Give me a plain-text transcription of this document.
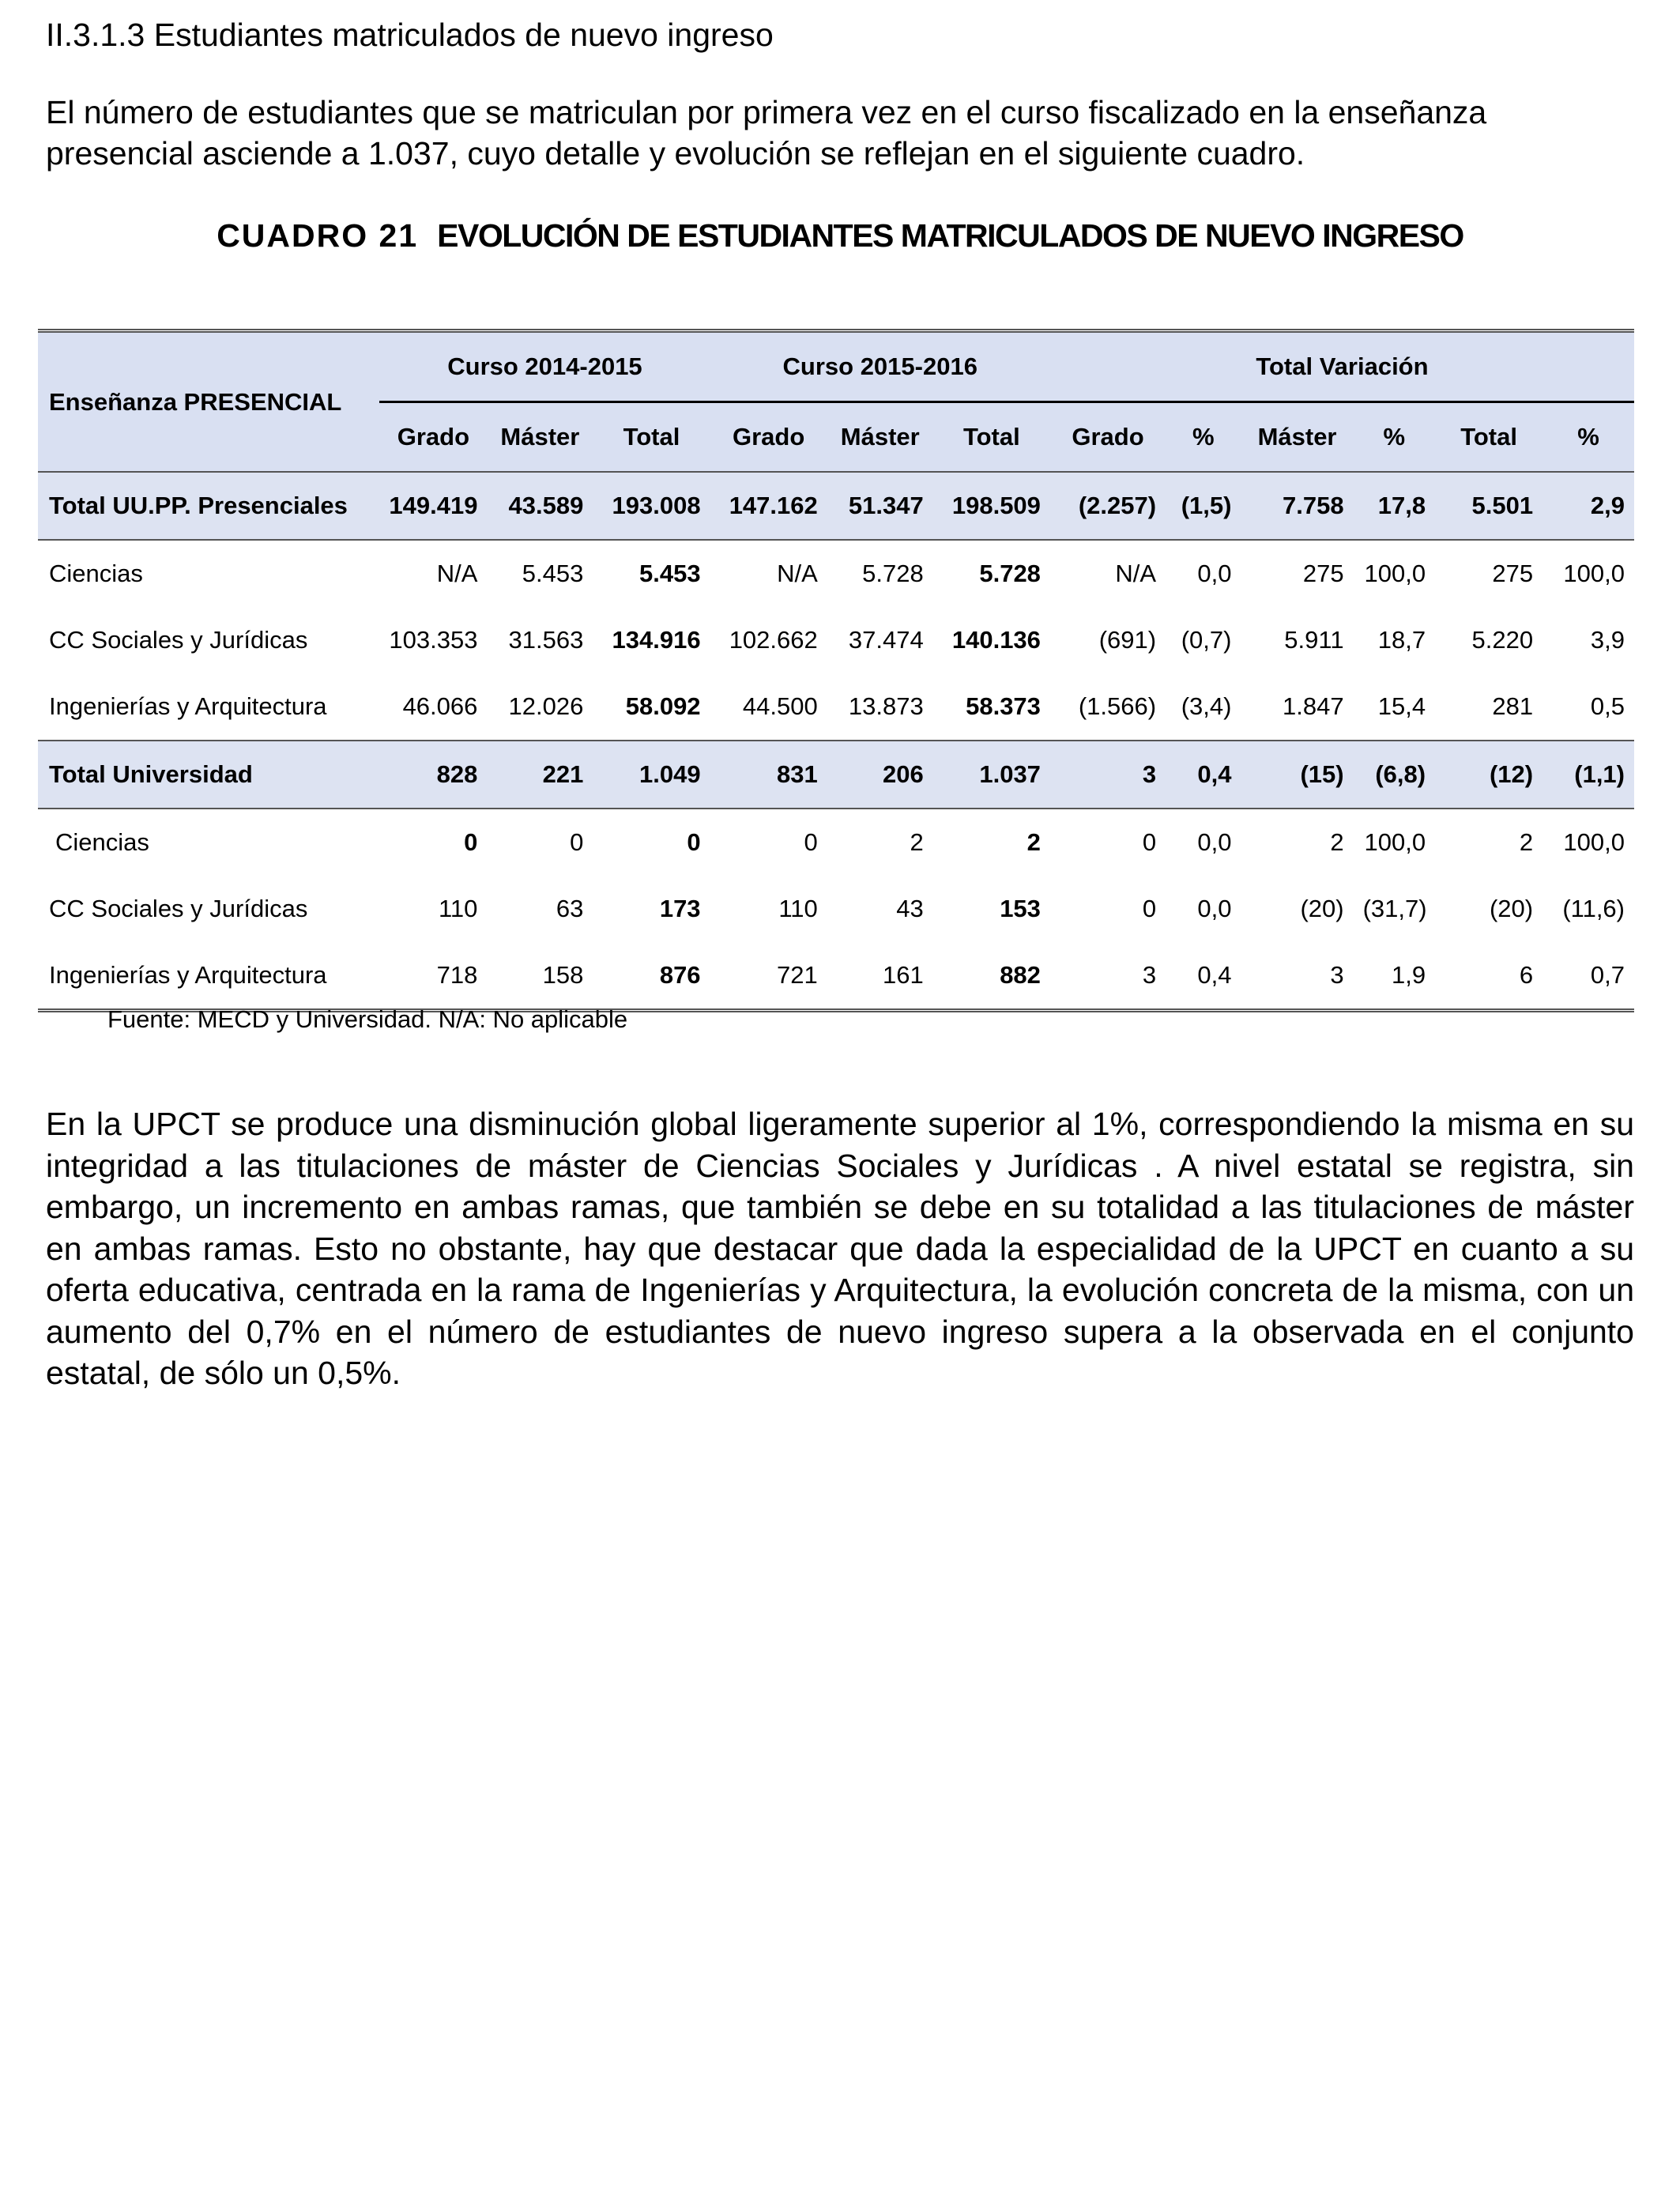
II.3.1.3 Estudiantes matriculados de nuevo ingreso

El número de estudiantes que se matriculan por primera vez en el curso fiscalizado en la enseñanza presencial asciende a 1.037, cuyo detalle y evolución se reflejan en el siguiente cuadro.

CUADRO 21 EVOLUCIÓN DE ESTUDIANTES MATRICULADOS DE NUEVO INGRESO
Enseñanza PRESENCIAL	Curso 2014-2015			Curso 2015-2016			Total Variación					
	Grado	Máster	Total	Grado	Máster	Total	Grado	%	Máster	%	Total	%
Total UU.PP. Presenciales	149.419	43.589	193.008	147.162	51.347	198.509	(2.257)	(1,5)	7.758	17,8	5.501	2,9
Ciencias	N/A	5.453	5.453	N/A	5.728	5.728	N/A	0,0	275	100,0	275	100,0
CC Sociales y Jurídicas	103.353	31.563	134.916	102.662	37.474	140.136	(691)	(0,7)	5.911	18,7	5.220	3,9
Ingenierías y Arquitectura	46.066	12.026	58.092	44.500	13.873	58.373	(1.566)	(3,4)	1.847	15,4	281	0,5
Total Universidad	828	221	1.049	831	206	1.037	3	0,4	(15)	(6,8)	(12)	(1,1)
Ciencias	0	0	0	0	2	2	0	0,0	2	100,0	2	100,0
CC Sociales y Jurídicas	110	63	173	110	43	153	0	0,0	(20)	(31,7)	(20)	(11,6)
Ingenierías y Arquitectura	718	158	876	721	161	882	3	0,4	3	1,9	6	0,7
Fuente: MECD y Universidad. N/A: No aplicable

En la UPCT se produce una disminución global ligeramente superior al 1%, correspondiendo la misma en su integridad a las titulaciones de máster de Ciencias Sociales y Jurídicas . A nivel estatal se registra, sin embargo, un incremento en ambas ramas, que también se debe en su totalidad a las titulaciones de máster en ambas ramas. Esto no obstante, hay que destacar que dada la especialidad de la UPCT en cuanto a su oferta educativa, centrada en la rama de Ingenierías y Arquitectura, la evolución concreta de la misma, con un aumento del 0,7% en el número de estudiantes de nuevo ingreso supera a la observada en el conjunto estatal, de sólo un 0,5%.
